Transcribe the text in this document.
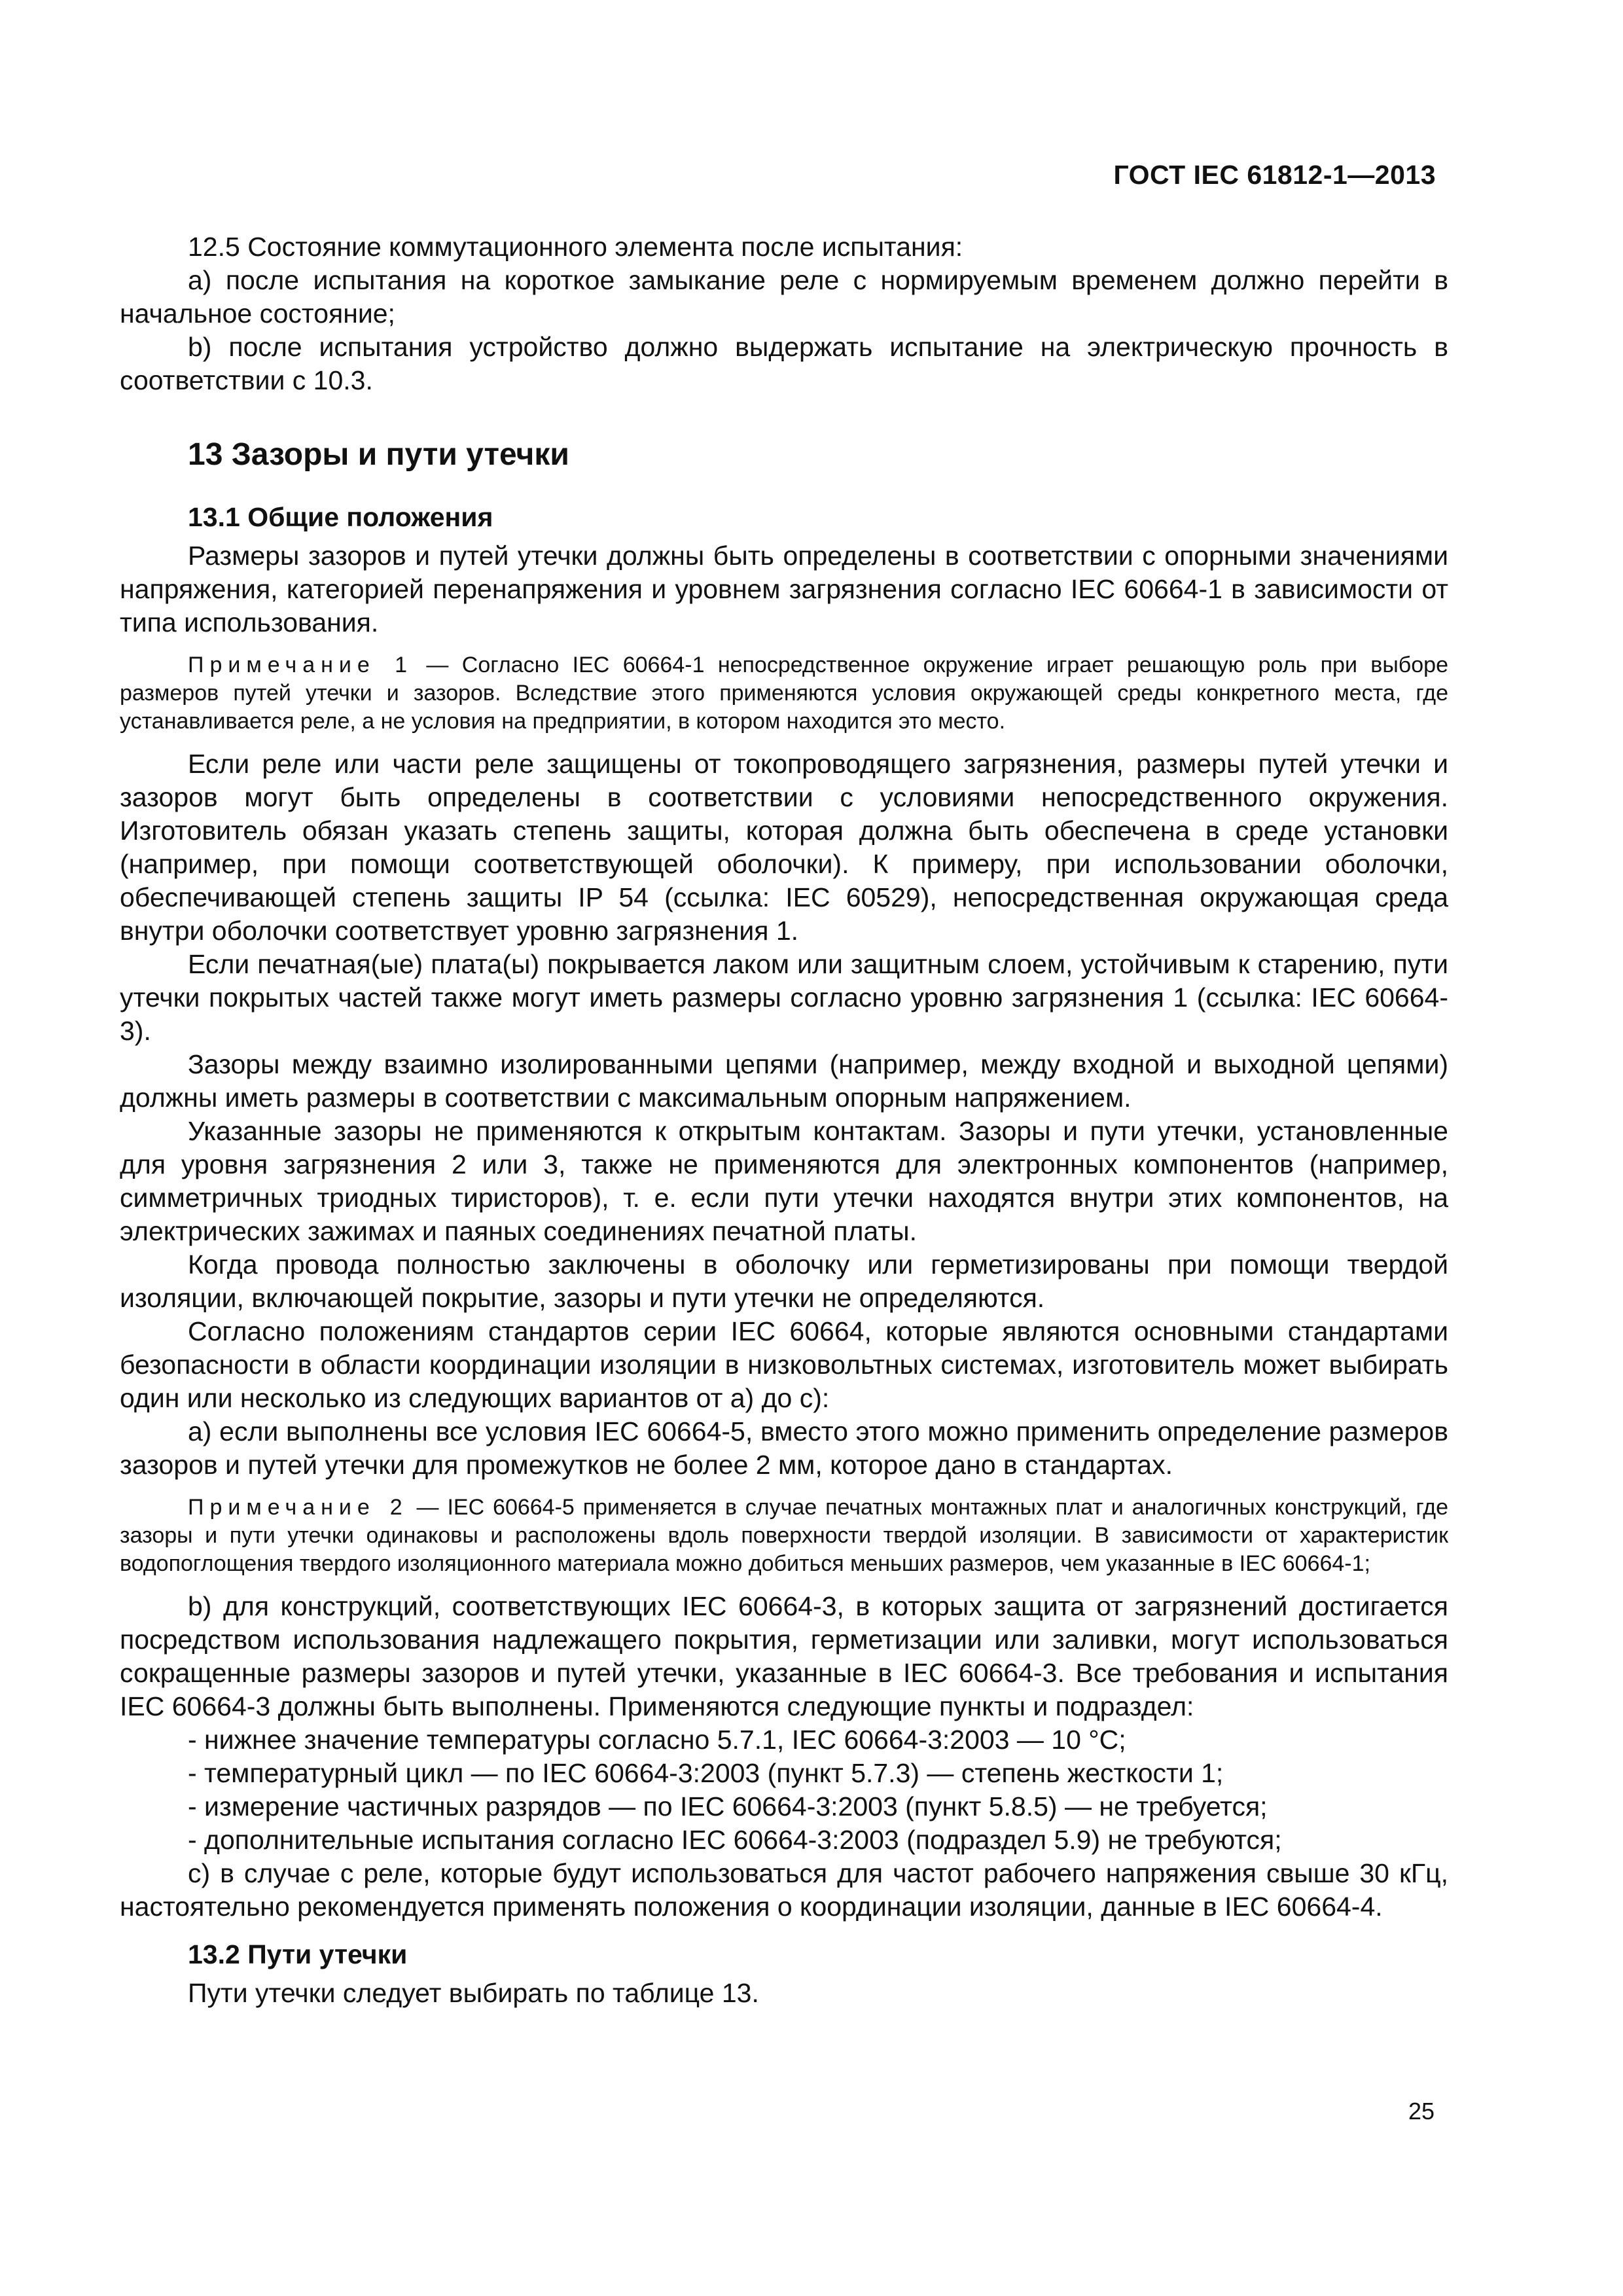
ГОСТ IEC 61812-1—2013

12.5 Состояние коммутационного элемента после испытания:

a) после испытания на короткое замыкание реле с нормируемым временем должно перейти в начальное состояние;

b) после испытания устройство должно выдержать испытание на электрическую прочность в соответствии с 10.3.

13 Зазоры и пути утечки
13.1 Общие положения

Размеры зазоров и путей утечки должны быть определены в соответствии с опорными значениями напряжения, категорией перенапряжения и уровнем загрязнения согласно IEC 60664-1 в зависимости от типа использования.

Примечание 1 — Согласно IEC 60664-1 непосредственное окружение играет решающую роль при выборе размеров путей утечки и зазоров. Вследствие этого применяются условия окружающей среды конкретного места, где устанавливается реле, а не условия на предприятии, в котором находится это место.

Если реле или части реле защищены от токопроводящего загрязнения, размеры путей утечки и зазоров могут быть определены в соответствии с условиями непосредственного окружения. Изготовитель обязан указать степень защиты, которая должна быть обеспечена в среде установки (например, при помощи соответствующей оболочки). К примеру, при использовании оболочки, обеспечивающей степень защиты IP 54 (ссылка: IEC 60529), непосредственная окружающая среда внутри оболочки соответствует уровню загрязнения 1.

Если печатная(ые) плата(ы) покрывается лаком или защитным слоем, устойчивым к старению, пути утечки покрытых частей также могут иметь размеры согласно уровню загрязнения 1 (ссылка: IEC 60664-3).

Зазоры между взаимно изолированными цепями (например, между входной и выходной цепями) должны иметь размеры в соответствии с максимальным опорным напряжением.

Указанные зазоры не применяются к открытым контактам. Зазоры и пути утечки, установленные для уровня загрязнения 2 или 3, также не применяются для электронных компонентов (например, симметричных триодных тиристоров), т. е. если пути утечки находятся внутри этих компонентов, на электрических зажимах и паяных соединениях печатной платы.

Когда провода полностью заключены в оболочку или герметизированы при помощи твердой изоляции, включающей покрытие, зазоры и пути утечки не определяются.

Согласно положениям стандартов серии IEC 60664, которые являются основными стандартами безопасности в области координации изоляции в низковольтных системах, изготовитель может выбирать один или несколько из следующих вариантов от а) до с):

а) если выполнены все условия IEC 60664-5, вместо этого можно применить определение размеров зазоров и путей утечки для промежутков не более 2 мм, которое дано в стандартах.

Примечание 2 — IEC 60664-5 применяется в случае печатных монтажных плат и аналогичных конструкций, где зазоры и пути утечки одинаковы и расположены вдоль поверхности твердой изоляции. В зависимости от характеристик водопоглощения твердого изоляционного материала можно добиться меньших размеров, чем указанные в IEC 60664-1;

b) для конструкций, соответствующих IEC 60664-3, в которых защита от загрязнений достигается посредством использования надлежащего покрытия, герметизации или заливки, могут использоваться сокращенные размеры зазоров и путей утечки, указанные в IEC 60664-3. Все требования и испытания IEC 60664-3 должны быть выполнены. Применяются следующие пункты и подраздел:

- нижнее значение температуры согласно 5.7.1, IEC 60664-3:2003 — 10 °С;

- температурный цикл — по IEC 60664-3:2003 (пункт 5.7.3) — степень жесткости 1;

- измерение частичных разрядов — по IEC 60664-3:2003 (пункт 5.8.5) — не требуется;

- дополнительные испытания согласно IEC 60664-3:2003 (подраздел 5.9) не требуются;

с) в случае с реле, которые будут использоваться для частот рабочего напряжения свыше 30 кГц, настоятельно рекомендуется применять положения о координации изоляции, данные в IEC 60664-4.

13.2 Пути утечки

Пути утечки следует выбирать по таблице 13.

25
